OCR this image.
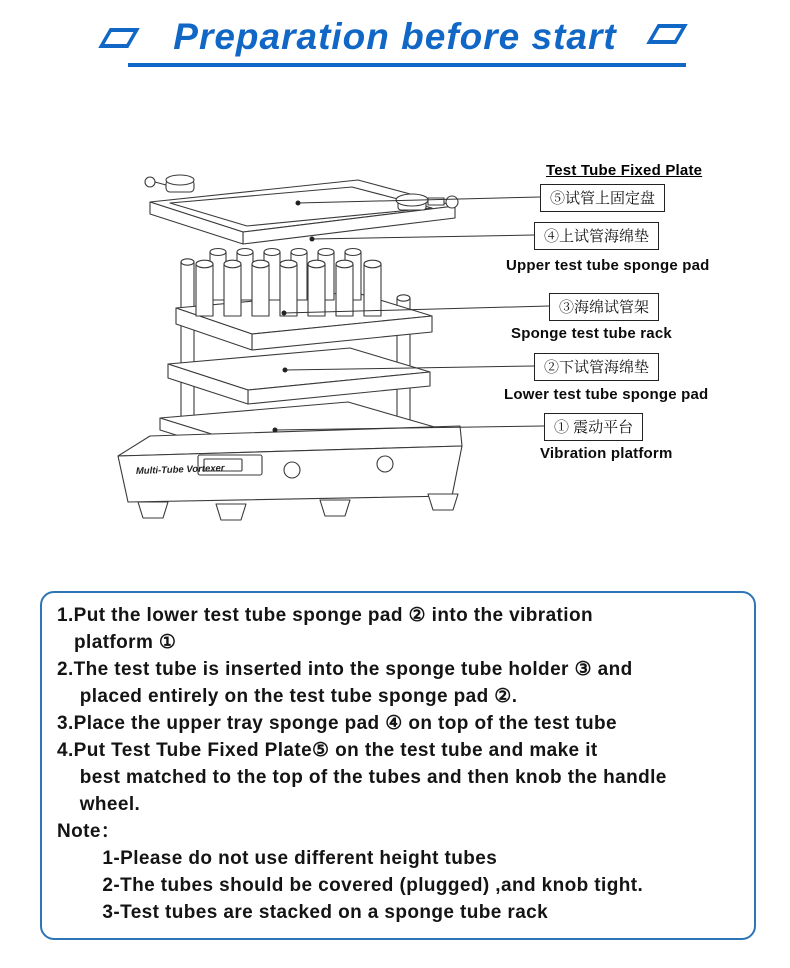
Preparation before start
Multi-Tube Vortexer
Test Tube Fixed Plate
⑤试管上固定盘
④上试管海绵垫
Upper test tube sponge pad
③海绵试管架
Sponge test tube rack
②下试管海绵垫
Lower test tube sponge pad
① 震动平台
Vibration platform
1.Put the lower test tube sponge pad ② into the vibration
platform ①
2.The test tube is inserted into the sponge tube holder ③ and
placed entirely on the test tube sponge pad ②.
3.Place the upper tray sponge pad ④ on top of the test tube
4.Put Test Tube Fixed Plate⑤ on the test tube and make it
best matched to the top of the tubes and then knob the handle
wheel.
Note：
1-Please do not use different height tubes
2-The tubes should be covered (plugged) ,and knob tight.
3-Test tubes are stacked on a sponge tube rack
